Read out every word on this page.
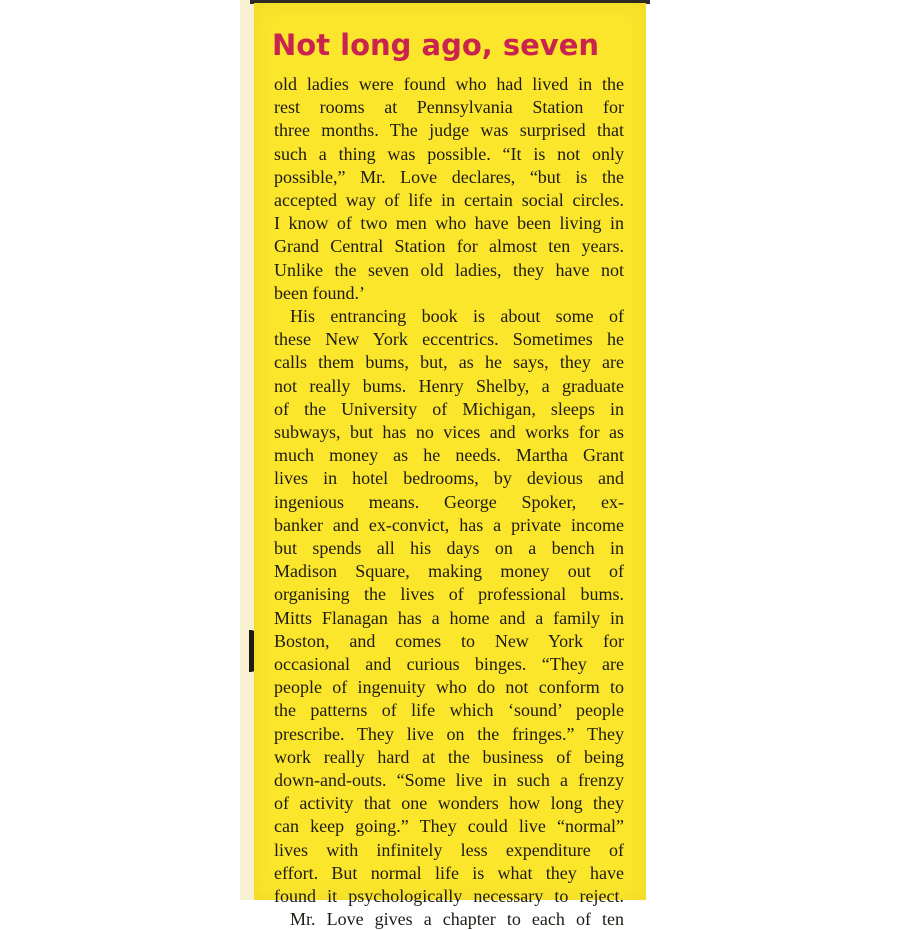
Not long ago, seven

old ladies were found who had lived in the

rest rooms at Pennsylvania Station for

three months. The judge was surprised that

such a thing was possible. “It is not only

possible,” Mr. Love declares, “but is the

accepted way of life in certain social circles.

I know of two men who have been living in

Grand Central Station for almost ten years.

Unlike the seven old ladies, they have not

been found.ʼ

His entrancing book is about some of

these New York eccentrics. Sometimes he

calls them bums, but, as he says, they are

not really bums. Henry Shelby, a graduate

of the University of Michigan, sleeps in

subways, but has no vices and works for as

much money as he needs. Martha Grant

lives in hotel bedrooms, by devious and

ingenious means. George Spoker, ex-

banker and ex-convict, has a private income

but spends all his days on a bench in

Madison Square, making money out of

organising the lives of professional bums.

Mitts Flanagan has a home and a family in

Boston, and comes to New York for

occasional and curious binges. “They are

people of ingenuity who do not conform to

the patterns of life which ‘sound’ people

prescribe. They live on the fringes.” They

work really hard at the business of being

down-and-outs. “Some live in such a frenzy

of activity that one wonders how long they

can keep going.” They could live “normal”

lives with infinitely less expenditure of

effort. But normal life is what they have

found it psychologically necessary to reject.

Mr. Love gives a chapter to each of ten
